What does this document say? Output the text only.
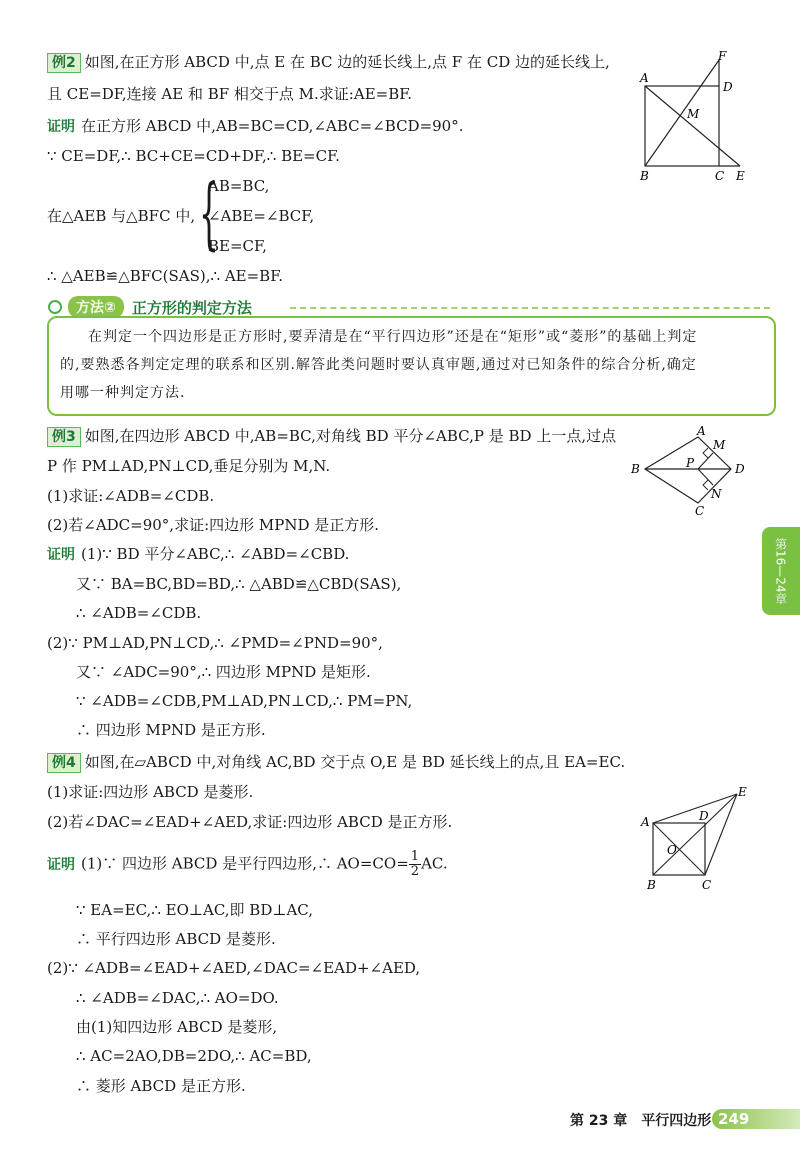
例2 如图,在正方形 ABCD 中,点 E 在 BC 边的延长线上,点 F 在 CD 边的延长线上,
且 CE=DF,连接 AE 和 BF 相交于点 M.求证:AE=BF.
证明 在正方形 ABCD 中,AB=BC=CD,∠ABC=∠BCD=90°.
∵ CE=DF,∴ BC+CE=CD+DF,∴ BE=CF.
在△AEB 与△BFC 中, {
AB=BC,
∠ABE=∠BCF,
BE=CF,
∴ △AEB≌△BFC(SAS),∴ AE=BF.
A
F
D
M
B	C E
方法②	正方形的判定方法
在判定一个四边形是正方形时,要弄清是在“平行四边形”还是在“矩形”或“菱形”的基础上判定
的,要熟悉各判定定理的联系和区别.解答此类问题时要认真审题,通过对已知条件的综合分析,确定
用哪一种判定方法.
例3 如图,在四边形 ABCD 中,AB=BC,对角线 BD 平分∠ABC,P 是 BD 上一点,过点
P 作 PM⊥AD,PN⊥CD,垂足分别为 M,N.
(1)求证:∠ADB=∠CDB.
(2)若∠ADC=90°,求证:四边形 MPND 是正方形.
证明 (1)∵ BD 平分∠ABC,∴ ∠ABD=∠CBD.
又∵ BA=BC,BD=BD,∴ △ABD≌△CBD(SAS),
∴ ∠ADB=∠CDB.
(2)∵ PM⊥AD,PN⊥CD,∴ ∠PMD=∠PND=90°,
又∵ ∠ADC=90°,∴ 四边形 MPND 是矩形.
∵ ∠ADB=∠CDB,PM⊥AD,PN⊥CD,∴ PM=PN,
∴ 四边形 MPND 是正方形.
A
M
B	P	D
N
C
例4 如图,在▱ABCD 中,对角线 AC,BD 交于点 O,E 是 BD 延长线上的点,且 EA=EC.
(1)求证:四边形 ABCD 是菱形.
(2)若∠DAC=∠EAD+∠AED,求证:四边形 ABCD 是正方形.
证明 (1)∵ 四边形 ABCD 是平行四边形,∴ $AO=CO= \frac{1}{2}$ AC.
∵ EA=EC,∴ EO⊥AC,即 BD⊥AC,
∴ 平行四边形 ABCD 是菱形.
(2)∵ ∠ADB=∠EAD+∠AED,∠DAC=∠EAD+∠AED,
∴ ∠ADB=∠DAC,∴ AO=DO.
由(1)知四边形 ABCD 是菱形,
∴ AC=2AO,DB=2DO,∴ AC=BD,
∴ 菱形 ABCD 是正方形.
E
A	D
O
B	C
第16—24章
第 23 章　平行四边形 249
